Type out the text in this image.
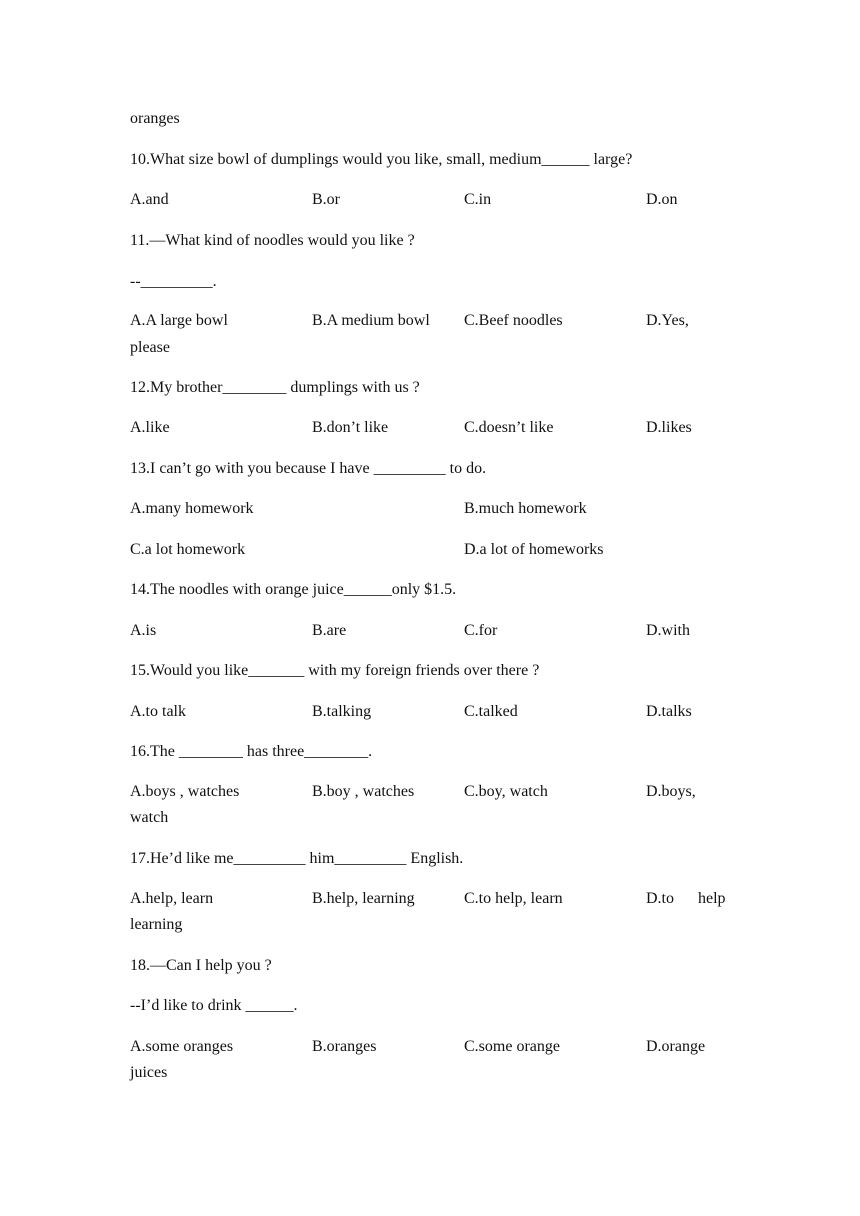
oranges
10.What size bowl of dumplings would you like, small, medium______ large?
A.and	B.or	C.in	D.on
11.—What kind of noodles would you like ?
--_________.
A.A large bowl	B.A medium bowl C.Beef noodles	D.Yes,
please
12.My brother________ dumplings with us ?
A.like	B.don’t like	C.doesn’t like	D.likes
13.I can’t go with you because I have _________ to do.
A.many homework	B.much homework
C.a lot homework	D.a lot of homeworks
14.The noodles with orange juice______only $1.5.
A.is	B.are	C.for	D.with
15.Would you like_______ with my foreign friends over there ?
A.to talk	B.talking	C.talked	D.talks
16.The ________ has three________.
A.boys , watches	B.boy , watches	C.boy, watch	D.boys,
watch
17.He’d like me_________ him_________ English.
A.help, learn	B.help, learning	C.to help, learn	D.to      help
learning
18.—Can I help you ?
--I’d like to drink ______.
A.some oranges	B.oranges	C.some orange	D.orange
juices
